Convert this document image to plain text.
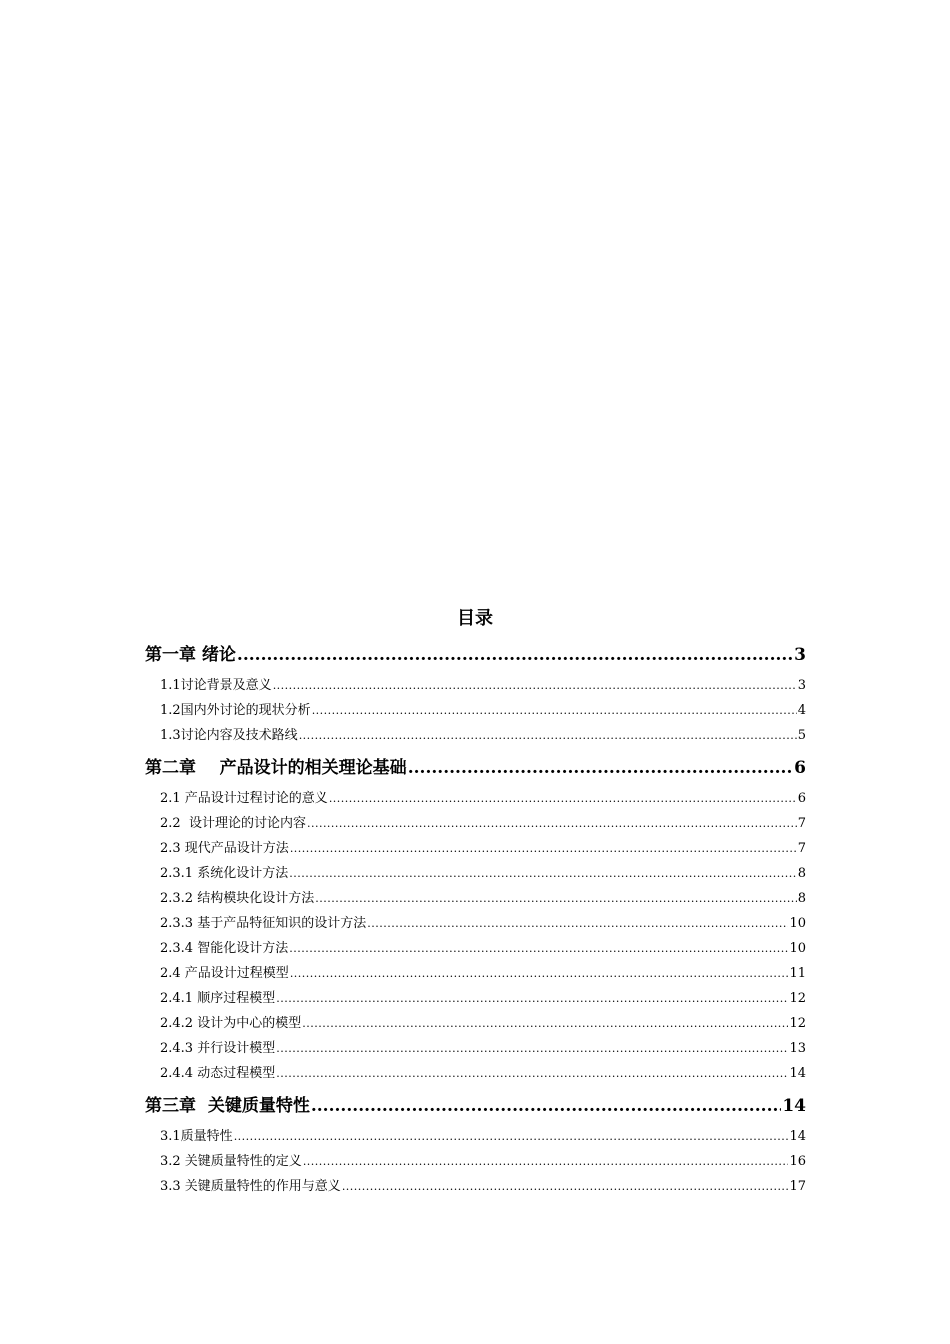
目录
第一章 绪论 .....	3
1.1讨论背景及意义 .....	3
1.2国内外讨论的现状分析 .....	4
1.3讨论内容及技术路线 .....	5
第二章    产品设计的相关理论基础 .....	6
2.1 产品设计过程讨论的意义 .....	6
2.2  设计理论的讨论内容 .....	7
2.3 现代产品设计方法 .....	7
2.3.1 系统化设计方法 .....	8
2.3.2 结构模块化设计方法 .....	8
2.3.3 基于产品特征知识的设计方法 .....	10
2.3.4 智能化设计方法 .....	10
2.4 产品设计过程模型 .....	11
2.4.1 顺序过程模型 .....	12
2.4.2 设计为中心的模型 .....	12
2.4.3 并行设计模型 .....	13
2.4.4 动态过程模型 .....	14
第三章  关键质量特性 .....	14
3.1质量特性 .....	14
3.2 关键质量特性的定义 .....	16
3.3 关键质量特性的作用与意义 .....	17
